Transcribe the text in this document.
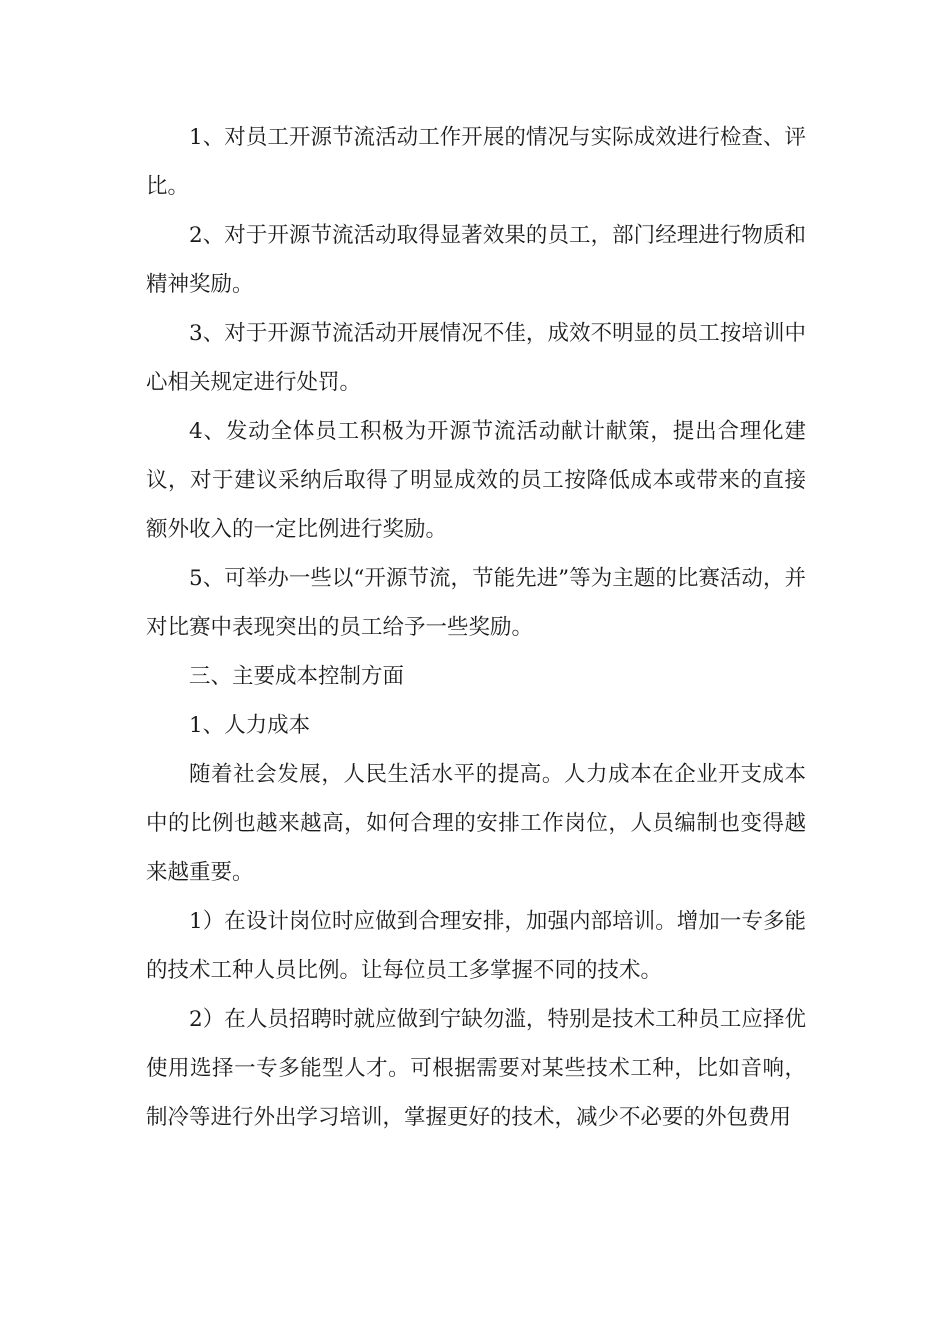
1、对员工开源节流活动工作开展的情况与实际成效进行检查、评比。

2、对于开源节流活动取得显著效果的员工，部门经理进行物质和精神奖励。

3、对于开源节流活动开展情况不佳，成效不明显的员工按培训中心相关规定进行处罚。

4、发动全体员工积极为开源节流活动献计献策，提出合理化建议，对于建议采纳后取得了明显成效的员工按降低成本或带来的直接额外收入的一定比例进行奖励。

5、可举办一些以“开源节流，节能先进”等为主题的比赛活动，并对比赛中表现突出的员工给予一些奖励。

三、主要成本控制方面

1、人力成本

随着社会发展，人民生活水平的提高。人力成本在企业开支成本中的比例也越来越高，如何合理的安排工作岗位，人员编制也变得越来越重要。

1）在设计岗位时应做到合理安排，加强内部培训。增加一专多能的技术工种人员比例。让每位员工多掌握不同的技术。

2）在人员招聘时就应做到宁缺勿滥，特别是技术工种员工应择优使用选择一专多能型人才。可根据需要对某些技术工种，比如音响，制冷等进行外出学习培训，掌握更好的技术，减少不必要的外包费用
